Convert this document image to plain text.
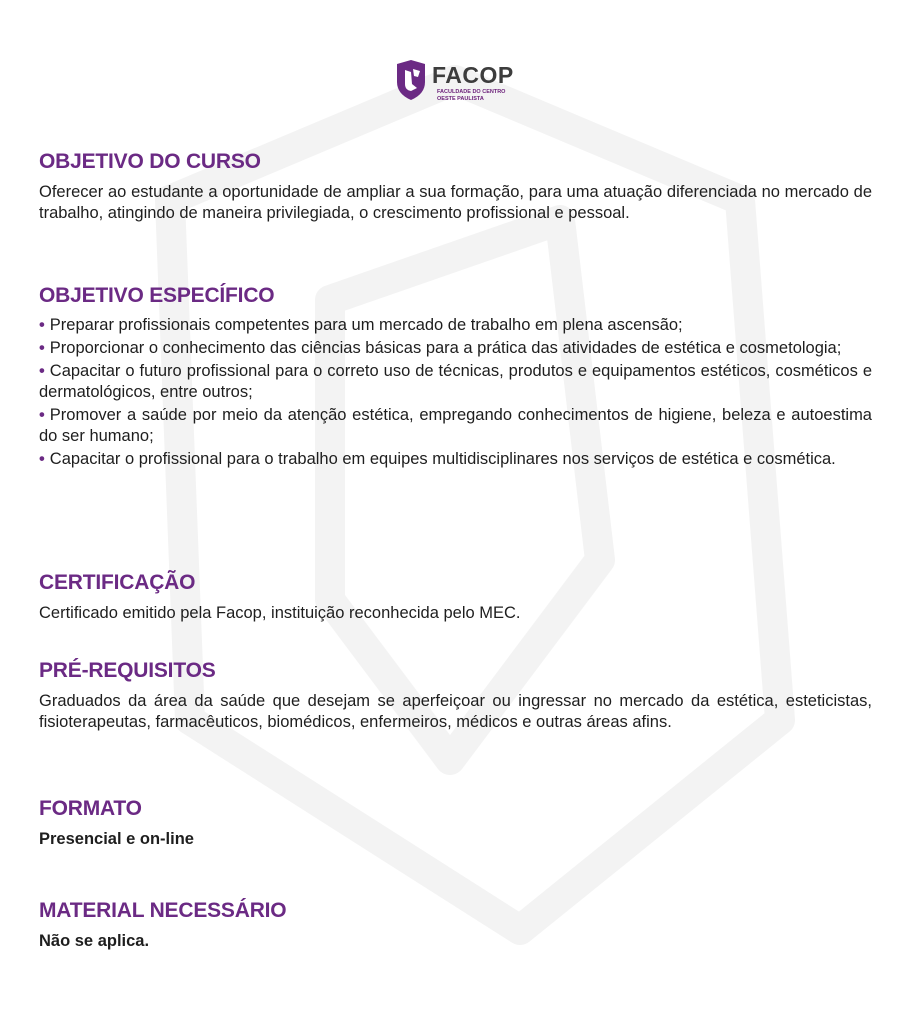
FACOP
FACULDADE DO CENTRO OESTE PAULISTA
OBJETIVO DO CURSO

Oferecer ao estudante a oportunidade de ampliar a sua formação, para uma atuação diferenciada no mercado de trabalho, atingindo de maneira privilegiada, o crescimento profissional e pessoal.

OBJETIVO ESPECÍFICO
• Preparar profissionais competentes para um mercado de trabalho em plena ascensão;
• Proporcionar o conhecimento das ciências básicas para a prática das atividades de estética e cosmetologia;
• Capacitar o futuro profissional para o correto uso de técnicas, produtos e equipamentos estéticos, cosméticos e dermatológicos, entre outros;
• Promover a saúde por meio da atenção estética, empregando conhecimentos de higiene, beleza e autoestima do ser humano;
• Capacitar o profissional para o trabalho em equipes multidisciplinares nos serviços de estética e cosmética.
CERTIFICAÇÃO

Certificado emitido pela Facop, instituição reconhecida pelo MEC.

PRÉ-REQUISITOS

Graduados da área da saúde que desejam se aperfeiçoar ou ingressar no mercado da estética, esteticistas, fisioterapeutas, farmacêuticos, biomédicos, enfermeiros, médicos e outras áreas afins.

FORMATO

Presencial e on-line

MATERIAL NECESSÁRIO

Não se aplica.
